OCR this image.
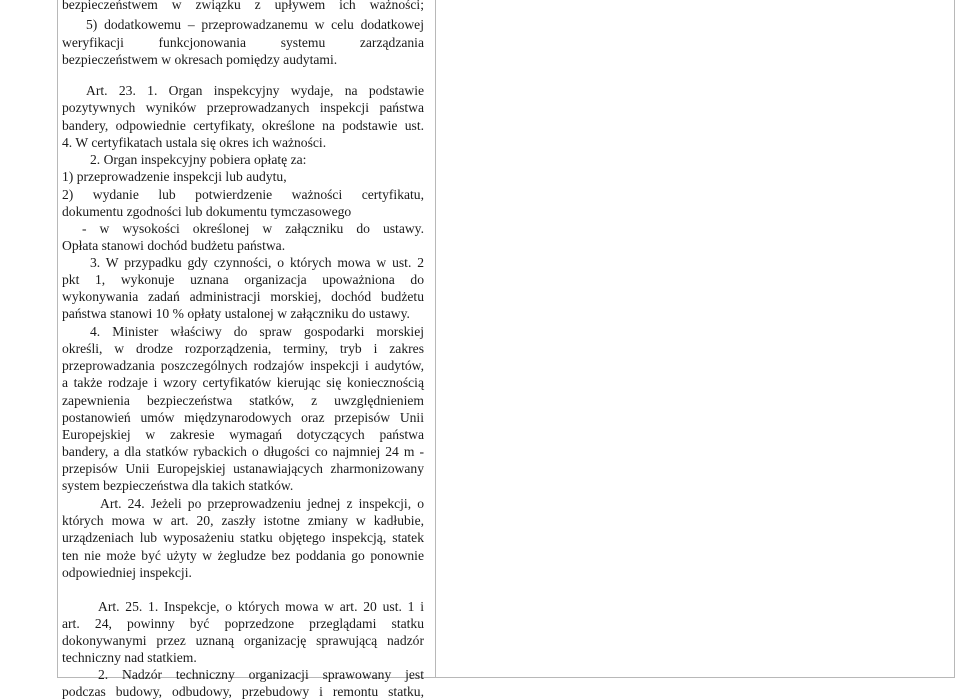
bezpieczeństwem w związku z upływem ich ważności;
5) dodatkowemu – przeprowadzanemu w celu dodatkowej
weryfikacji funkcjonowania systemu zarządzania
bezpieczeństwem w okresach pomiędzy audytami.
Art. 23. 1. Organ inspekcyjny wydaje, na podstawie
pozytywnych wyników przeprowadzanych inspekcji państwa
bandery, odpowiednie certyfikaty, określone na podstawie ust.
4. W certyfikatach ustala się okres ich ważności.
2. Organ inspekcyjny pobiera opłatę za:
1) przeprowadzenie inspekcji lub audytu,
2) wydanie lub potwierdzenie ważności certyfikatu,
dokumentu zgodności lub dokumentu tymczasowego
- w wysokości określonej w załączniku do ustawy.
Opłata stanowi dochód budżetu państwa.
3. W przypadku gdy czynności, o których mowa w ust. 2
pkt 1, wykonuje uznana organizacja upoważniona do
wykonywania zadań administracji morskiej, dochód budżetu
państwa stanowi 10 % opłaty ustalonej w załączniku do ustawy.
4. Minister właściwy do spraw gospodarki morskiej
określi, w drodze rozporządzenia, terminy, tryb i zakres
przeprowadzania poszczególnych rodzajów inspekcji i audytów,
a także rodzaje i wzory certyfikatów kierując się koniecznością
zapewnienia bezpieczeństwa statków, z uwzględnieniem
postanowień umów międzynarodowych oraz przepisów Unii
Europejskiej w zakresie wymagań dotyczących państwa
bandery, a dla statków rybackich o długości co najmniej 24 m -
przepisów Unii Europejskiej ustanawiających zharmonizowany
system bezpieczeństwa dla takich statków.
Art. 24. Jeżeli po przeprowadzeniu jednej z inspekcji, o
których mowa w art. 20, zaszły istotne zmiany w kadłubie,
urządzeniach lub wyposażeniu statku objętego inspekcją, statek
ten nie może być użyty w żegludze bez poddania go ponownie
odpowiedniej inspekcji.
Art. 25. 1. Inspekcje, o których mowa w art. 20 ust. 1 i
art. 24, powinny być poprzedzone przeglądami statku
dokonywanymi przez uznaną organizację sprawującą nadzór
techniczny nad statkiem.
2. Nadzór techniczny organizacji sprawowany jest
podczas budowy, odbudowy, przebudowy i remontu statku,
